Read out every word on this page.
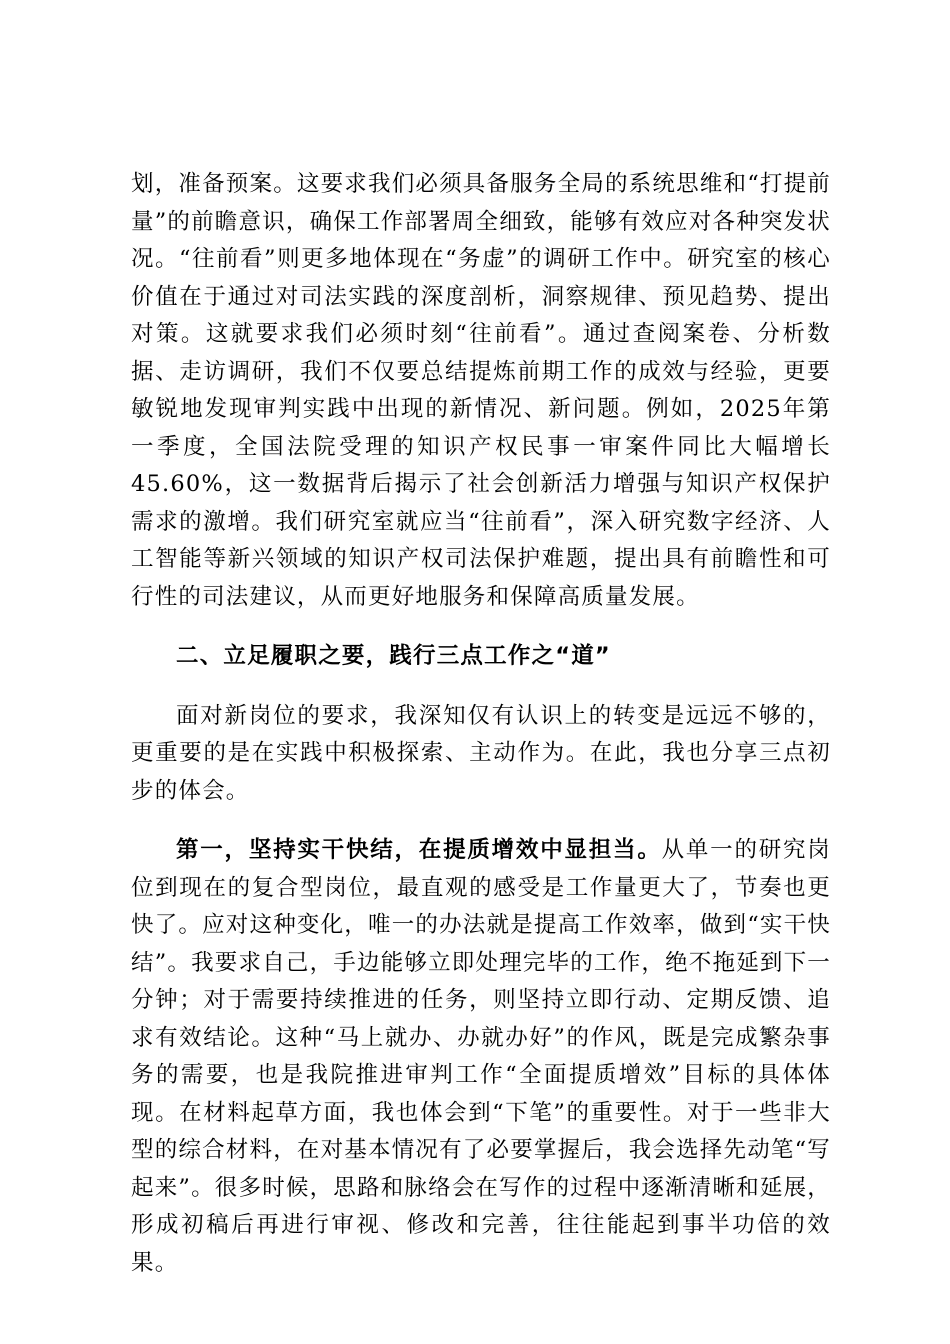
划，准备预案。这要求我们必须具备服务全局的系统思维和“打提前量”的前瞻意识，确保工作部署周全细致，能够有效应对各种突发状况。“往前看”则更多地体现在“务虚”的调研工作中。研究室的核心价值在于通过对司法实践的深度剖析，洞察规律、预见趋势、提出对策。这就要求我们必须时刻“往前看”。通过查阅案卷、分析数据、走访调研，我们不仅要总结提炼前期工作的成效与经验，更要敏锐地发现审判实践中出现的新情况、新问题。例如，2025年第一季度，全国法院受理的知识产权民事一审案件同比大幅增长45.60%，这一数据背后揭示了社会创新活力增强与知识产权保护需求的激增。我们研究室就应当“往前看”，深入研究数字经济、人工智能等新兴领域的知识产权司法保护难题，提出具有前瞻性和可行性的司法建议，从而更好地服务和保障高质量发展。

二、立足履职之要，践行三点工作之“道”

面对新岗位的要求，我深知仅有认识上的转变是远远不够的，更重要的是在实践中积极探索、主动作为。在此，我也分享三点初步的体会。

第一，坚持实干快结，在提质增效中显担当。从单一的研究岗位到现在的复合型岗位，最直观的感受是工作量更大了，节奏也更快了。应对这种变化，唯一的办法就是提高工作效率，做到“实干快结”。我要求自己，手边能够立即处理完毕的工作，绝不拖延到下一分钟；对于需要持续推进的任务，则坚持立即行动、定期反馈、追求有效结论。这种“马上就办、办就办好”的作风，既是完成繁杂事务的需要，也是我院推进审判工作“全面提质增效”目标的具体体现。在材料起草方面，我也体会到“下笔”的重要性。对于一些非大型的综合材料，在对基本情况有了必要掌握后，我会选择先动笔“写起来”。很多时候，思路和脉络会在写作的过程中逐渐清晰和延展，形成初稿后再进行审视、修改和完善，往往能起到事半功倍的效果。
